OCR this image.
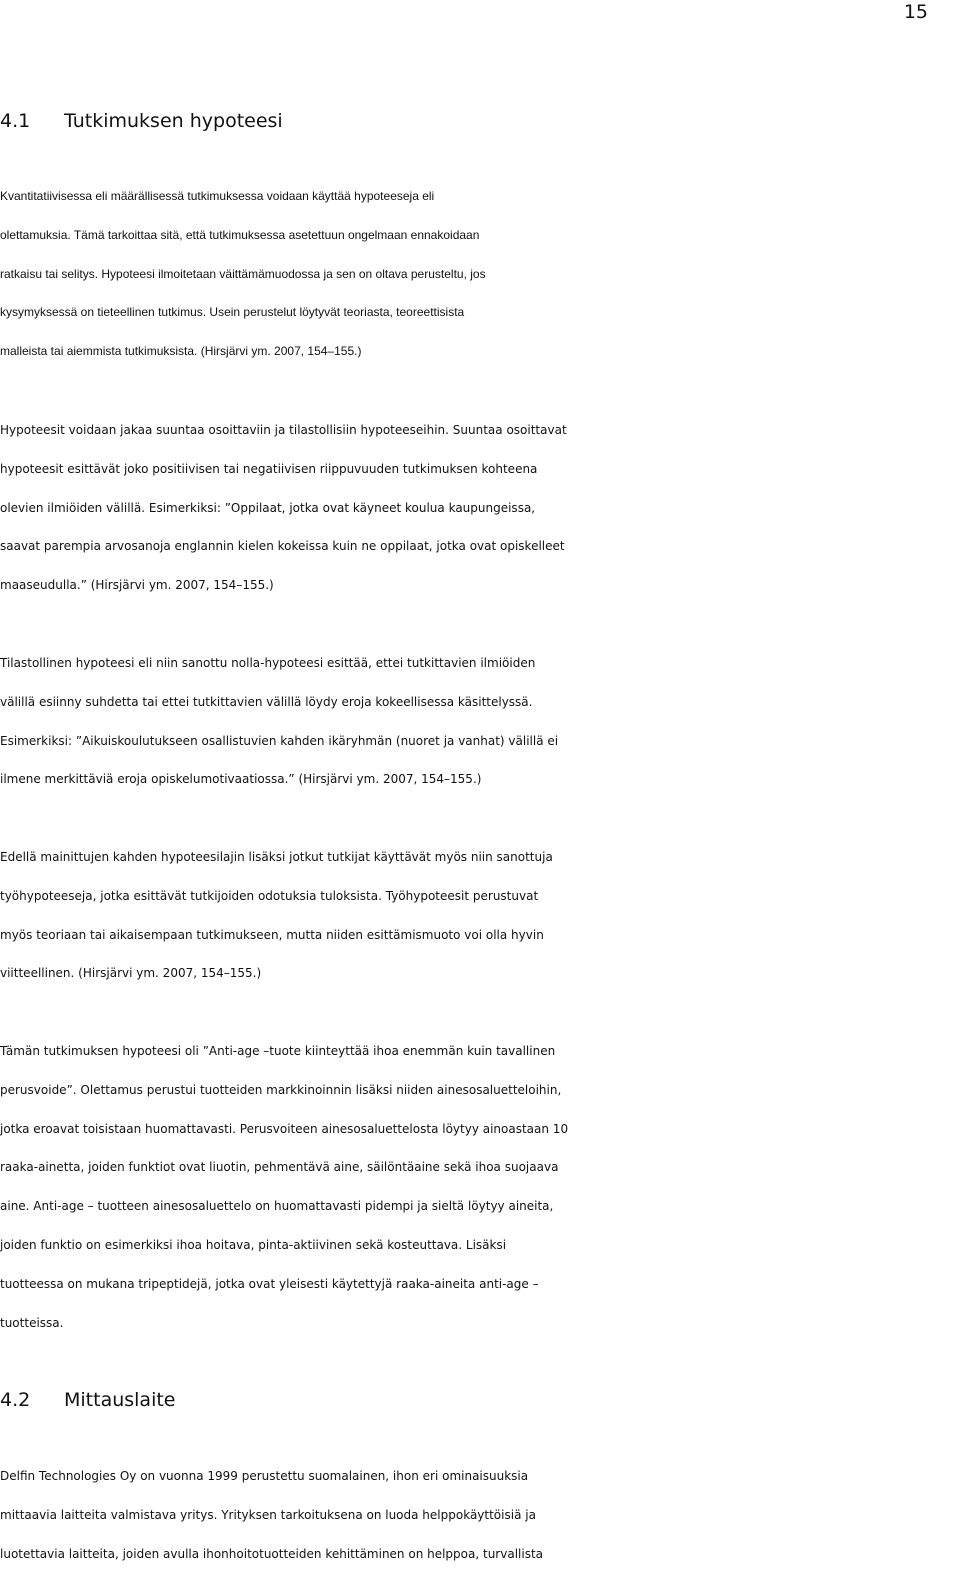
15
4.1 Tutkimuksen hypoteesi
Kvantitatiivisessa eli määrällisessä tutkimuksessa voidaan käyttää hypoteeseja eli
olettamuksia. Tämä tarkoittaa sitä, että tutkimuksessa asetettuun ongelmaan ennakoidaan
ratkaisu tai selitys. Hypoteesi ilmoitetaan väittämämuodossa ja sen on oltava perusteltu, jos
kysymyksessä on tieteellinen tutkimus. Usein perustelut löytyvät teoriasta, teoreettisista
malleista tai aiemmista tutkimuksista. (Hirsjärvi ym. 2007, 154–155.)
Hypoteesit voidaan jakaa suuntaa osoittaviin ja tilastollisiin hypoteeseihin. Suuntaa osoittavat
hypoteesit esittävät joko positiivisen tai negatiivisen riippuvuuden tutkimuksen kohteena
olevien ilmiöiden välillä. Esimerkiksi: ”Oppilaat, jotka ovat käyneet koulua kaupungeissa,
saavat parempia arvosanoja englannin kielen kokeissa kuin ne oppilaat, jotka ovat opiskelleet
maaseudulla.” (Hirsjärvi ym. 2007, 154–155.)
Tilastollinen hypoteesi eli niin sanottu nolla-hypoteesi esittää, ettei tutkittavien ilmiöiden
välillä esiinny suhdetta tai ettei tutkittavien välillä löydy eroja kokeellisessa käsittelyssä.
Esimerkiksi: ”Aikuiskoulutukseen osallistuvien kahden ikäryhmän (nuoret ja vanhat) välillä ei
ilmene merkittäviä eroja opiskelumotivaatiossa.” (Hirsjärvi ym. 2007, 154–155.)
Edellä mainittujen kahden hypoteesilajin lisäksi jotkut tutkijat käyttävät myös niin sanottuja
työhypoteeseja, jotka esittävät tutkijoiden odotuksia tuloksista. Työhypoteesit perustuvat
myös teoriaan tai aikaisempaan tutkimukseen, mutta niiden esittämismuoto voi olla hyvin
viitteellinen. (Hirsjärvi ym. 2007, 154–155.)
Tämän tutkimuksen hypoteesi oli ”Anti-age –tuote kiinteyttää ihoa enemmän kuin tavallinen
perusvoide”. Olettamus perustui tuotteiden markkinoinnin lisäksi niiden ainesosaluetteloihin,
jotka eroavat toisistaan huomattavasti. Perusvoiteen ainesosaluettelosta löytyy ainoastaan 10
raaka-ainetta, joiden funktiot ovat liuotin, pehmentävä aine, säilöntäaine sekä ihoa suojaava
aine. Anti-age – tuotteen ainesosaluettelo on huomattavasti pidempi ja sieltä löytyy aineita,
joiden funktio on esimerkiksi ihoa hoitava, pinta-aktiivinen sekä kosteuttava. Lisäksi
tuotteessa on mukana tripeptidejä, jotka ovat yleisesti käytettyjä raaka-aineita anti-age –
tuotteissa.
4.2 Mittauslaite
Delfin Technologies Oy on vuonna 1999 perustettu suomalainen, ihon eri ominaisuuksia
mittaavia laitteita valmistava yritys. Yrityksen tarkoituksena on luoda helppokäyttöisiä ja
luotettavia laitteita, joiden avulla ihonhoitotuotteiden kehittäminen on helppoa, turvallista
